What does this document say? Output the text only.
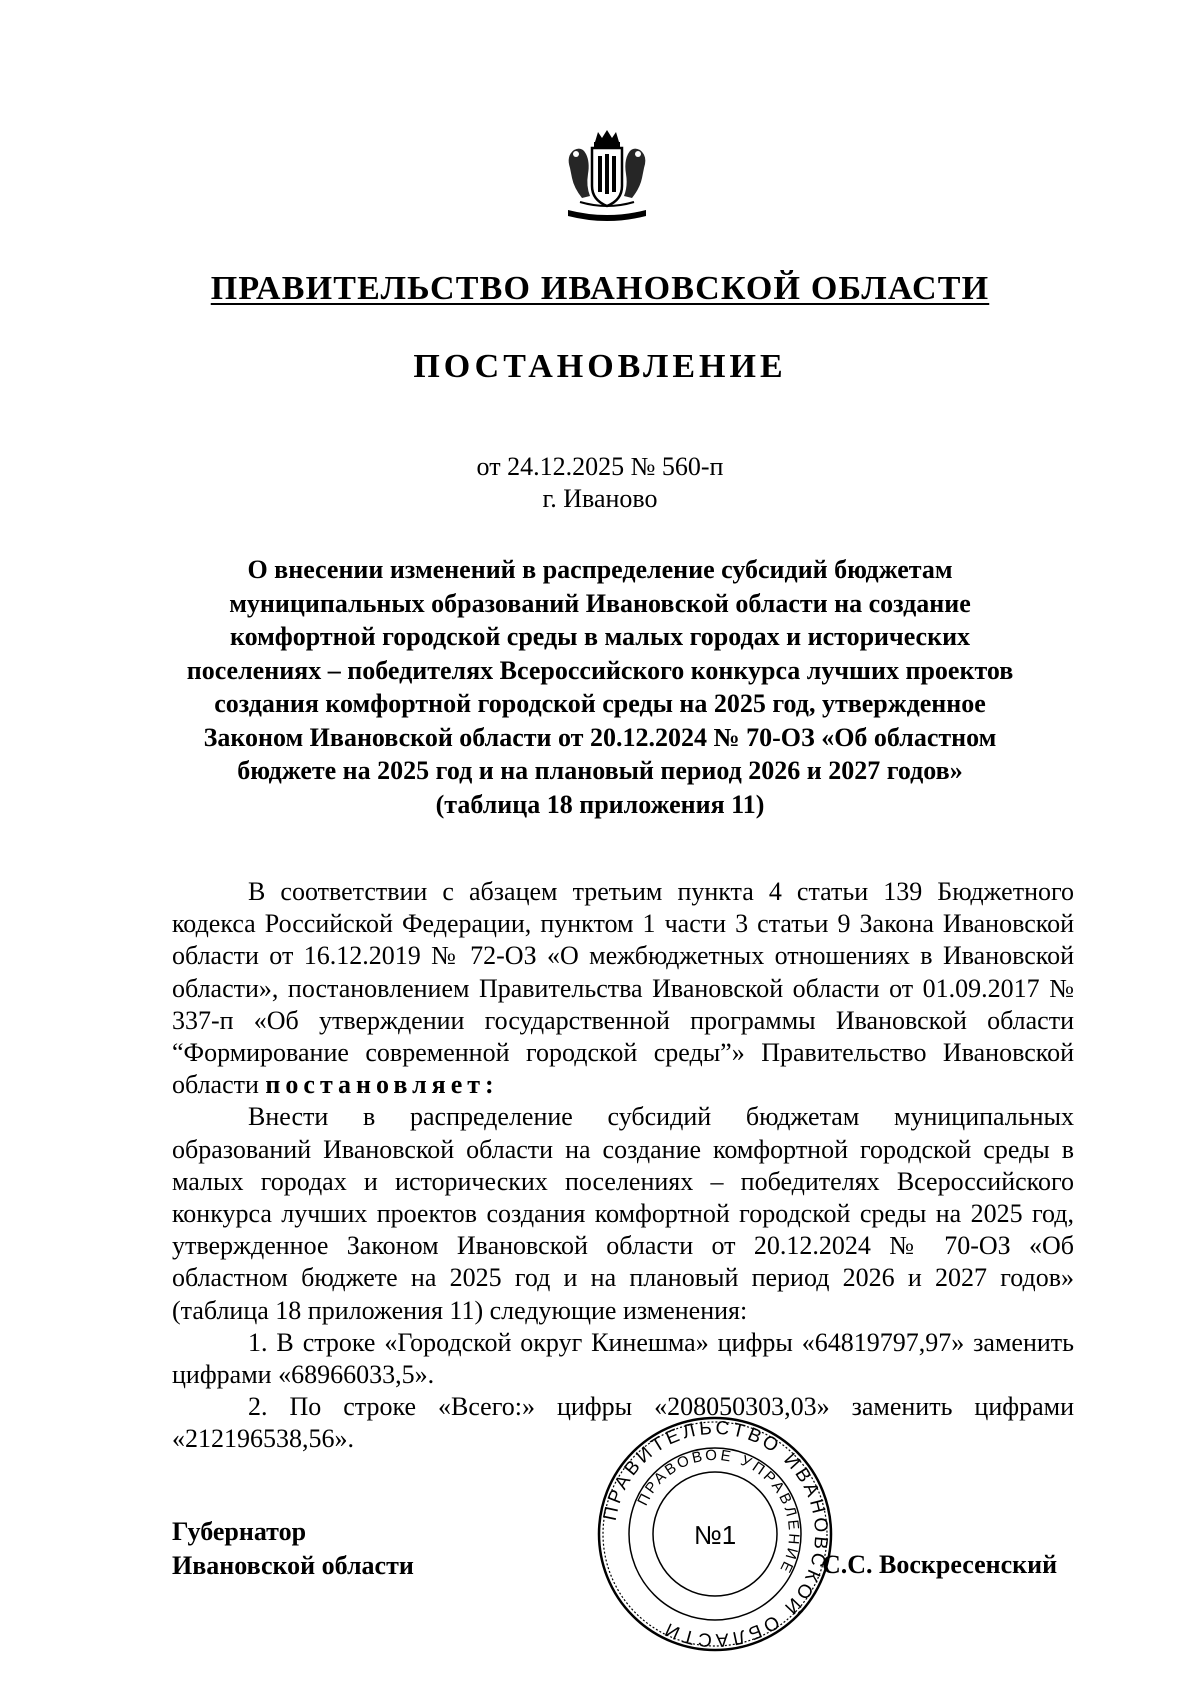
ПРАВИТЕЛЬСТВО ИВАНОВСКОЙ ОБЛАСТИ
ПОСТАНОВЛЕНИЕ
от 24.12.2025 № 560-п
г. Иваново
О внесении изменений в распределение субсидий бюджетам
муниципальных образований Ивановской области на создание
комфортной городской среды в малых городах и исторических
поселениях – победителях Всероссийского конкурса лучших проектов
создания комфортной городской среды на 2025 год, утвержденное
Законом Ивановской области от 20.12.2024 № 70-ОЗ «Об областном
бюджете на 2025 год и на плановый период 2026 и 2027 годов»
(таблица 18 приложения 11)

В соответствии с абзацем третьим пункта 4 статьи 139 Бюджетного кодекса Российской Федерации, пунктом 1 части 3 статьи 9 Закона Ивановской области от 16.12.2019 № 72-ОЗ «О межбюджетных отношениях в Ивановской области», постановлением Правительства Ивановской области от 01.09.2017 № 337-п «Об утверждении государственной программы Ивановской области “Формирование современной городской среды”» Правительство Ивановской области постановляет:

Внести в распределение субсидий бюджетам муниципальных образований Ивановской области на создание комфортной городской среды в малых городах и исторических поселениях – победителях Всероссийского конкурса лучших проектов создания комфортной городской среды на 2025 год, утвержденное Законом Ивановской области от 20.12.2024 № 70-ОЗ «Об областном бюджете на 2025 год и на плановый период 2026 и 2027 годов» (таблица 18 приложения 11) следующие изменения:

1. В строке «Городской округ Кинешма» цифры «64819797,97» заменить цифрами «68966033,5».

2. По строке «Всего:» цифры «208050303,03» заменить цифрами «212196538,56».

Губернатор
Ивановской области	С.С. Воскресенский
ПРАВИТЕЛЬСТВО ИВАНОВСКОЙ ОБЛАСТИ
ПРАВОВОЕ УПРАВЛЕНИЕ
№1
